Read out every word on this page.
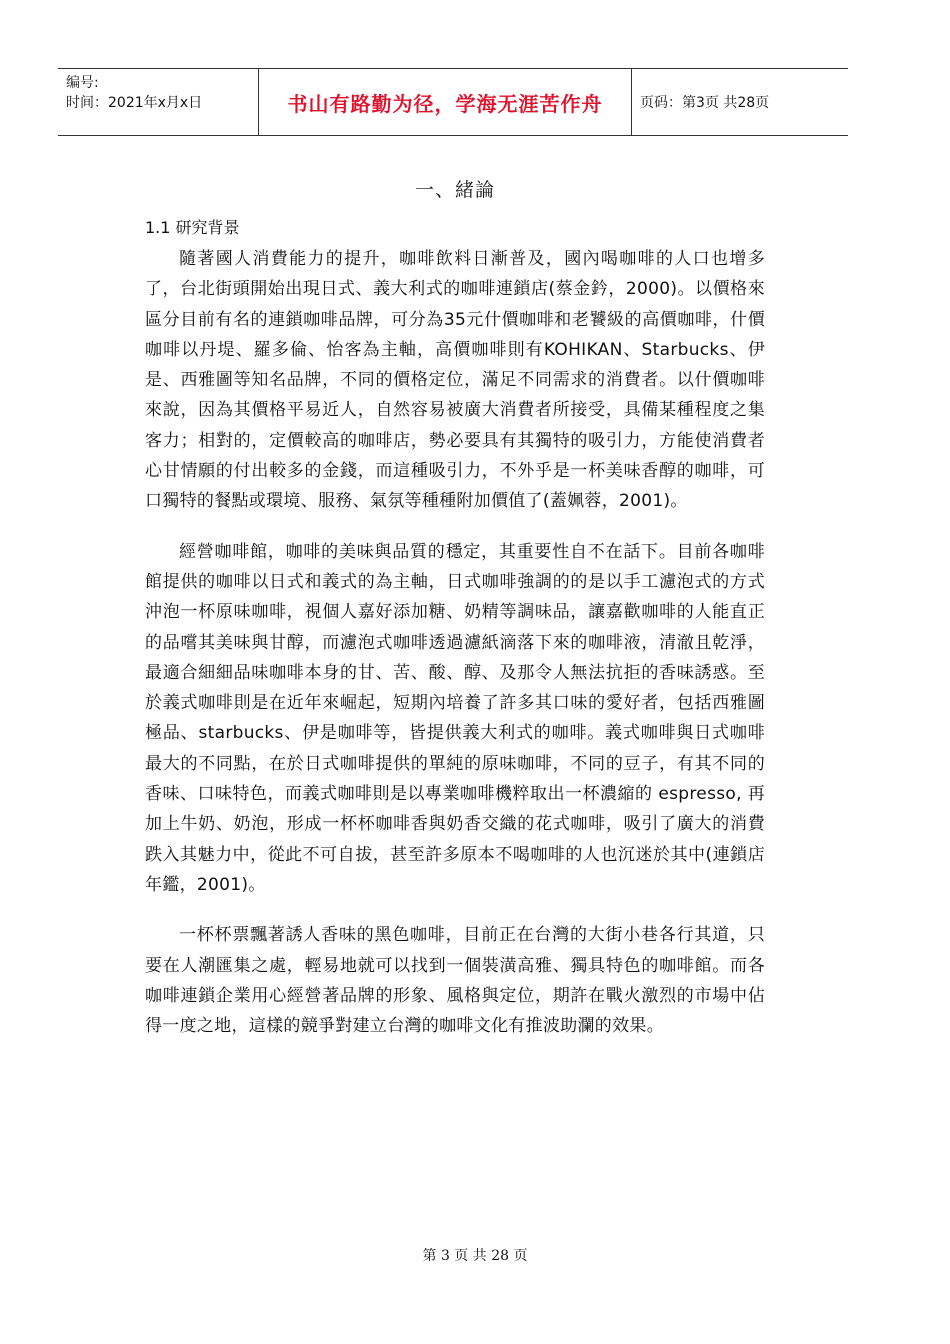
编号:
时间：2021年x月x日	书山有路勤为径，学海无涯苦作舟	页码：第3页 共28页
一、緒論
1.1 研究背景

隨著國人消費能力的提升，咖啡飲料日漸普及，國內喝咖啡的人口也增多了，台北街頭開始出現日式、義大利式的咖啡連鎖店(蔡金鈐，2000)。以價格來區分目前有名的連鎖咖啡品牌，可分為35元什價咖啡和老饕級的高價咖啡，什價咖啡以丹堤、羅多倫、怡客為主軸，高價咖啡則有KOHIKAN、Starbucks、伊是、西雅圖等知名品牌，不同的價格定位，滿足不同需求的消費者。以什價咖啡來說，因為其價格平易近人，自然容易被廣大消費者所接受，具備某種程度之集客力；相對的，定價較高的咖啡店，勢必要具有其獨特的吸引力，方能使消費者心甘情願的付出較多的金錢，而這種吸引力，不外乎是一杯美味香醇的咖啡，可口獨特的餐點或環境、服務、氣氛等種種附加價值了(蓋姵蓉，2001)。

經營咖啡館，咖啡的美味與品質的穩定，其重要性自不在話下。目前各咖啡館提供的咖啡以日式和義式的為主軸，日式咖啡強調的的是以手工濾泡式的方式沖泡一杯原味咖啡，視個人嘉好添加糖、奶精等調味品，讓嘉歡咖啡的人能直正的品嚐其美味與甘醇，而濾泡式咖啡透過濾紙滴落下來的咖啡液，清澈且乾淨，最適合細細品味咖啡本身的甘、苦、酸、醇、及那令人無法抗拒的香味誘惑。至於義式咖啡則是在近年來崛起，短期內培養了許多其口味的愛好者，包括西雅圖極品、starbucks、伊是咖啡等，皆提供義大利式的咖啡。義式咖啡與日式咖啡最大的不同點，在於日式咖啡提供的單純的原味咖啡，不同的豆子，有其不同的香味、口味特色，而義式咖啡則是以專業咖啡機粹取出一杯濃縮的 espresso, 再加上牛奶、奶泡，形成一杯杯咖啡香與奶香交織的花式咖啡，吸引了廣大的消費跌入其魅力中，從此不可自拔，甚至許多原本不喝咖啡的人也沉迷於其中(連鎖店年鑑，2001)。

一杯杯票飄著誘人香味的黑色咖啡，目前正在台灣的大街小巷各行其道，只要在人潮匯集之處，輕易地就可以找到一個裝潢高雅、獨具特色的咖啡館。而各咖啡連鎖企業用心經營著品牌的形象、風格與定位，期許在戰火激烈的市場中佔得一度之地，這樣的競爭對建立台灣的咖啡文化有推波助瀾的效果。

第 3 页 共 28 页
